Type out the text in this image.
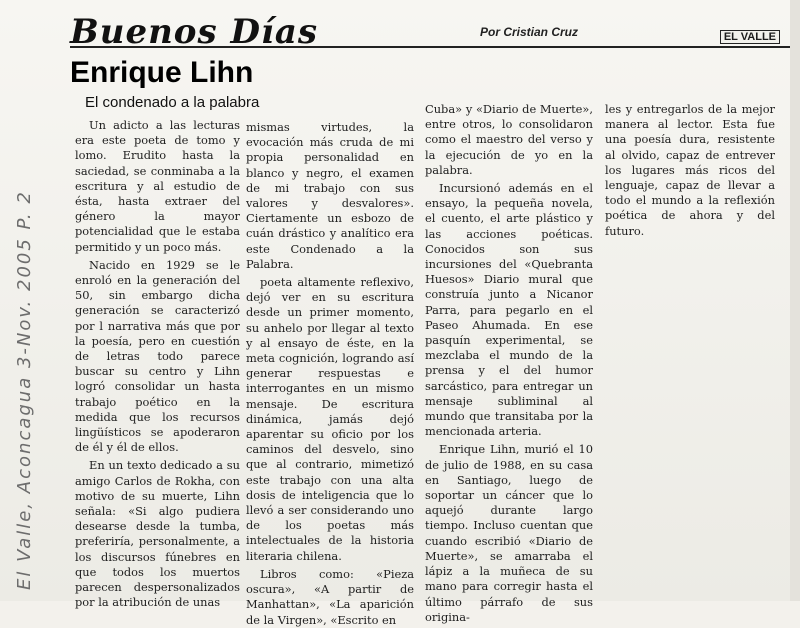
Buenos Días	Por Cristian Cruz	EL VALLE
Enrique Lihn
El condenado a la palabra

Un adicto a las lecturas era este poeta de tomo y lomo. Erudito hasta la saciedad, se conminaba a la escritura y al estudio de ésta, hasta extraer del género la mayor potencialidad que le estaba permitido y un poco más.

Nacido en 1929 se le enroló en la generación del 50, sin embargo dicha generación se caracterizó por l narrativa más que por la poesía, pero en cuestión de letras todo parece buscar su centro y Lihn logró consolidar un hasta trabajo poético en la medida que los recursos lingüísticos se apoderaron de él y él de ellos.

En un texto dedicado a su amigo Carlos de Rokha, con motivo de su muerte, Lihn señala: «Si algo pudiera desearse desde la tumba, preferiría, personalmente, a los discursos fúnebres en que todos los muertos parecen despersonalizados por la atribución de unas

mismas virtudes, la evocación más cruda de mi propia personalidad en blanco y negro, el examen de mi trabajo con sus valores y desvalores». Ciertamente un esbozo de cuán drástico y analítico era este Condenado a la Palabra.

poeta altamente reflexivo, dejó ver en su escritura desde un primer momento, su anhelo por llegar al texto y al ensayo de éste, en la meta cognición, logrando así generar respuestas e interrogantes en un mismo mensaje. De escritura dinámica, jamás dejó aparentar su oficio por los caminos del desvelo, sino que al contrario, mimetizó este trabajo con una alta dosis de inteligencia que lo llevó a ser considerando uno de los poetas más intelectuales de la historia literaria chilena.

Libros como: «Pieza oscura», «A partir de Manhattan», «La aparición de la Virgen», «Escrito en

Cuba» y «Diario de Muerte», entre otros, lo consolidaron como el maestro del verso y la ejecución de yo en la palabra.

Incursionó además en el ensayo, la pequeña novela, el cuento, el arte plástico y las acciones poéticas. Conocidos son sus incursiones del «Quebranta Huesos» Diario mural que construía junto a Nicanor Parra, para pegarlo en el Paseo Ahumada. En ese pasquín experimental, se mezclaba el mundo de la prensa y el del humor sarcástico, para entregar un mensaje subliminal al mundo que transitaba por la mencionada arteria.

Enrique Lihn, murió el 10 de julio de 1988, en su casa en Santiago, luego de soportar un cáncer que lo aquejó durante largo tiempo. Incluso cuentan que cuando escribió «Diario de Muerte», se amarraba el lápiz a la muñeca de su mano para corregir hasta el último párrafo de sus origina-

les y entregarlos de la mejor manera al lector. Esta fue una poesía dura, resistente al olvido, capaz de entrever los lugares más ricos del lenguaje, capaz de llevar a todo el mundo a la reflexión poética de ahora y del futuro.

El Valle, Aconcagua 3-Nov. 2005 P. 2
